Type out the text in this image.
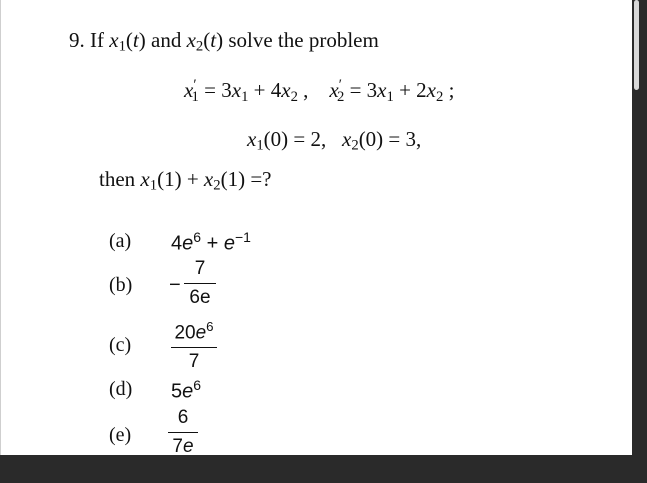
9. If $x_1(t)$ and $x_2(t)$ solve the problem
$x'_1 = 3x_1 + 4x_2$ ,    $x'_2 = 3x_1 + 2x_2$ ;
$x_1(0) = 2$, $x_2(0) = 3$,
then $x_1(1) + x_2(1)$ =?
(a) $4e^6 + e^{-1}$
(b) −
7
6e
(c)
$20e^6$
7
(d) $5e^6$
(e)
6
7e
